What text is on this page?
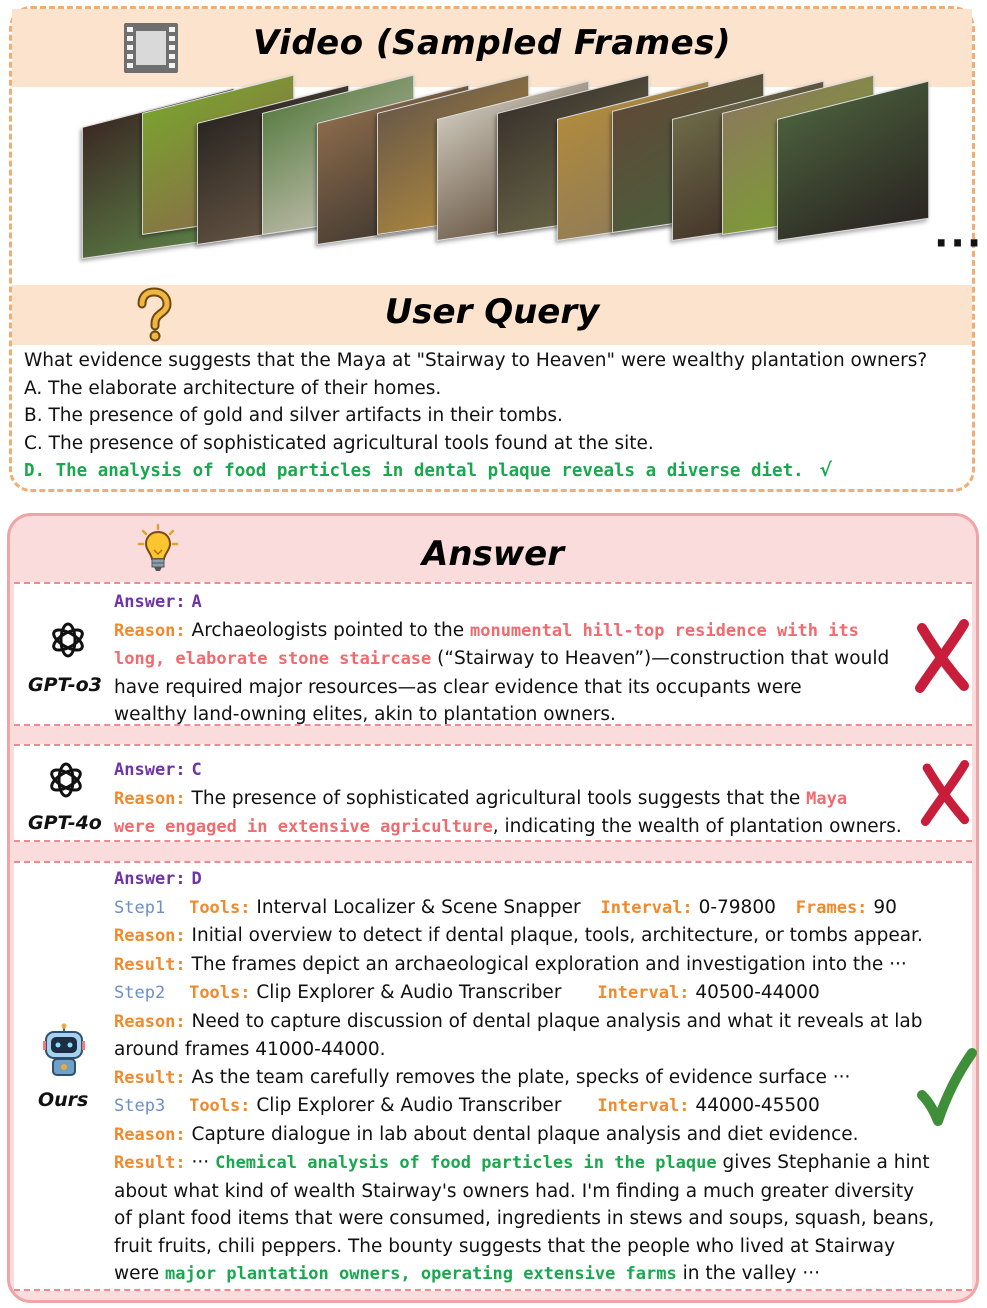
Video (Sampled Frames)
···
User Query
What evidence suggests that the Maya at "Stairway to Heaven" were wealthy plantation owners?
A. The elaborate architecture of their homes.
B. The presence of gold and silver artifacts in their tombs.
C. The presence of sophisticated agricultural tools found at the site.
D. The analysis of food particles in dental plaque reveals a diverse diet. √
Answer
GPT-o3
Answer: A
Reason: Archaeologists pointed to the monumental hill-top residence with its
long, elaborate stone staircase (“Stairway to Heaven”)—construction that would
have required major resources—as clear evidence that its occupants were
wealthy land-owning elites, akin to plantation owners.
GPT-4o
Answer: C
Reason: The presence of sophisticated agricultural tools suggests that the Maya
were engaged in extensive agriculture, indicating the wealth of plantation owners.
Ours
Answer: D
Step1 Tools: Interval Localizer & Scene Snapper Interval: 0-79800 Frames: 90
Reason: Initial overview to detect if dental plaque, tools, architecture, or tombs appear.
Result: The frames depict an archaeological exploration and investigation into the ···
Step2 Tools: Clip Explorer & Audio Transcriber Interval: 40500-44000
Reason: Need to capture discussion of dental plaque analysis and what it reveals at lab
around frames 41000-44000.
Result: As the team carefully removes the plate, specks of evidence surface ···
Step3 Tools: Clip Explorer & Audio Transcriber Interval: 44000-45500
Reason: Capture dialogue in lab about dental plaque analysis and diet evidence.
Result: ··· Chemical analysis of food particles in the plaque gives Stephanie a hint
about what kind of wealth Stairway's owners had. I'm finding a much greater diversity
of plant food items that were consumed, ingredients in stews and soups, squash, beans,
fruit fruits, chili peppers. The bounty suggests that the people who lived at Stairway
were major plantation owners, operating extensive farms in the valley ···
